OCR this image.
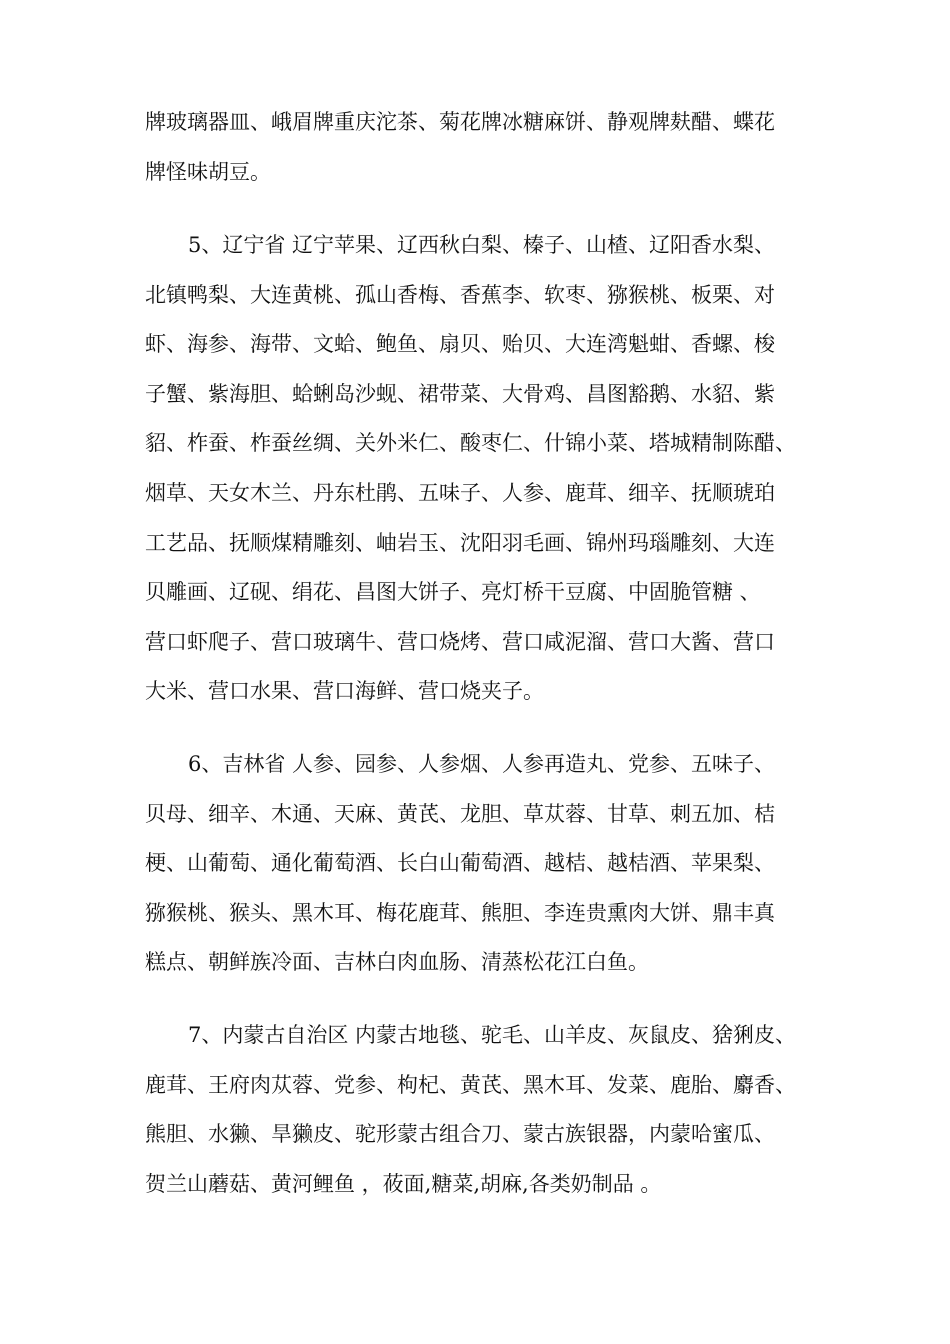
牌玻璃器皿、峨眉牌重庆沱茶、菊花牌冰糖麻饼、静观牌麸醋、蝶花
牌怪味胡豆。
5、辽宁省 辽宁苹果、辽西秋白梨、榛子、山楂、辽阳香水梨、
北镇鸭梨、大连黄桃、孤山香梅、香蕉李、软枣、猕猴桃、板栗、对
虾、海参、海带、文蛤、鲍鱼、扇贝、贻贝、大连湾魁蚶、香螺、梭
子蟹、紫海胆、蛤蜊岛沙蚬、裙带菜、大骨鸡、昌图豁鹅、水貂、紫
貂、柞蚕、柞蚕丝绸、关外米仁、酸枣仁、什锦小菜、塔城精制陈醋、
烟草、天女木兰、丹东杜鹃、五味子、人参、鹿茸、细辛、抚顺琥珀
工艺品、抚顺煤精雕刻、岫岩玉、沈阳羽毛画、锦州玛瑙雕刻、大连
贝雕画、辽砚、绢花、昌图大饼子、亮灯桥干豆腐、中固脆管糖 、
营口虾爬子、营口玻璃牛、营口烧烤、营口咸泥溜、营口大酱、营口
大米、营口水果、营口海鲜、营口烧夹子。
6、吉林省 人参、园参、人参烟、人参再造丸、党参、五味子、
贝母、细辛、木通、天麻、黄芪、龙胆、草苁蓉、甘草、刺五加、桔
梗、山葡萄、通化葡萄酒、长白山葡萄酒、越桔、越桔酒、苹果梨、
猕猴桃、猴头、黑木耳、梅花鹿茸、熊胆、李连贵熏肉大饼、鼎丰真
糕点、朝鲜族冷面、吉林白肉血肠、清蒸松花江白鱼。
7、内蒙古自治区 内蒙古地毯、驼毛、山羊皮、灰鼠皮、猞猁皮、
鹿茸、王府肉苁蓉、党参、枸杞、黄芪、黑木耳、发菜、鹿胎、麝香、
熊胆、水獭、旱獭皮、驼形蒙古组合刀、蒙古族银器，内蒙哈蜜瓜、
贺兰山蘑菇、黄河鲤鱼 ，莜面,糖菜,胡麻,各类奶制品 。
